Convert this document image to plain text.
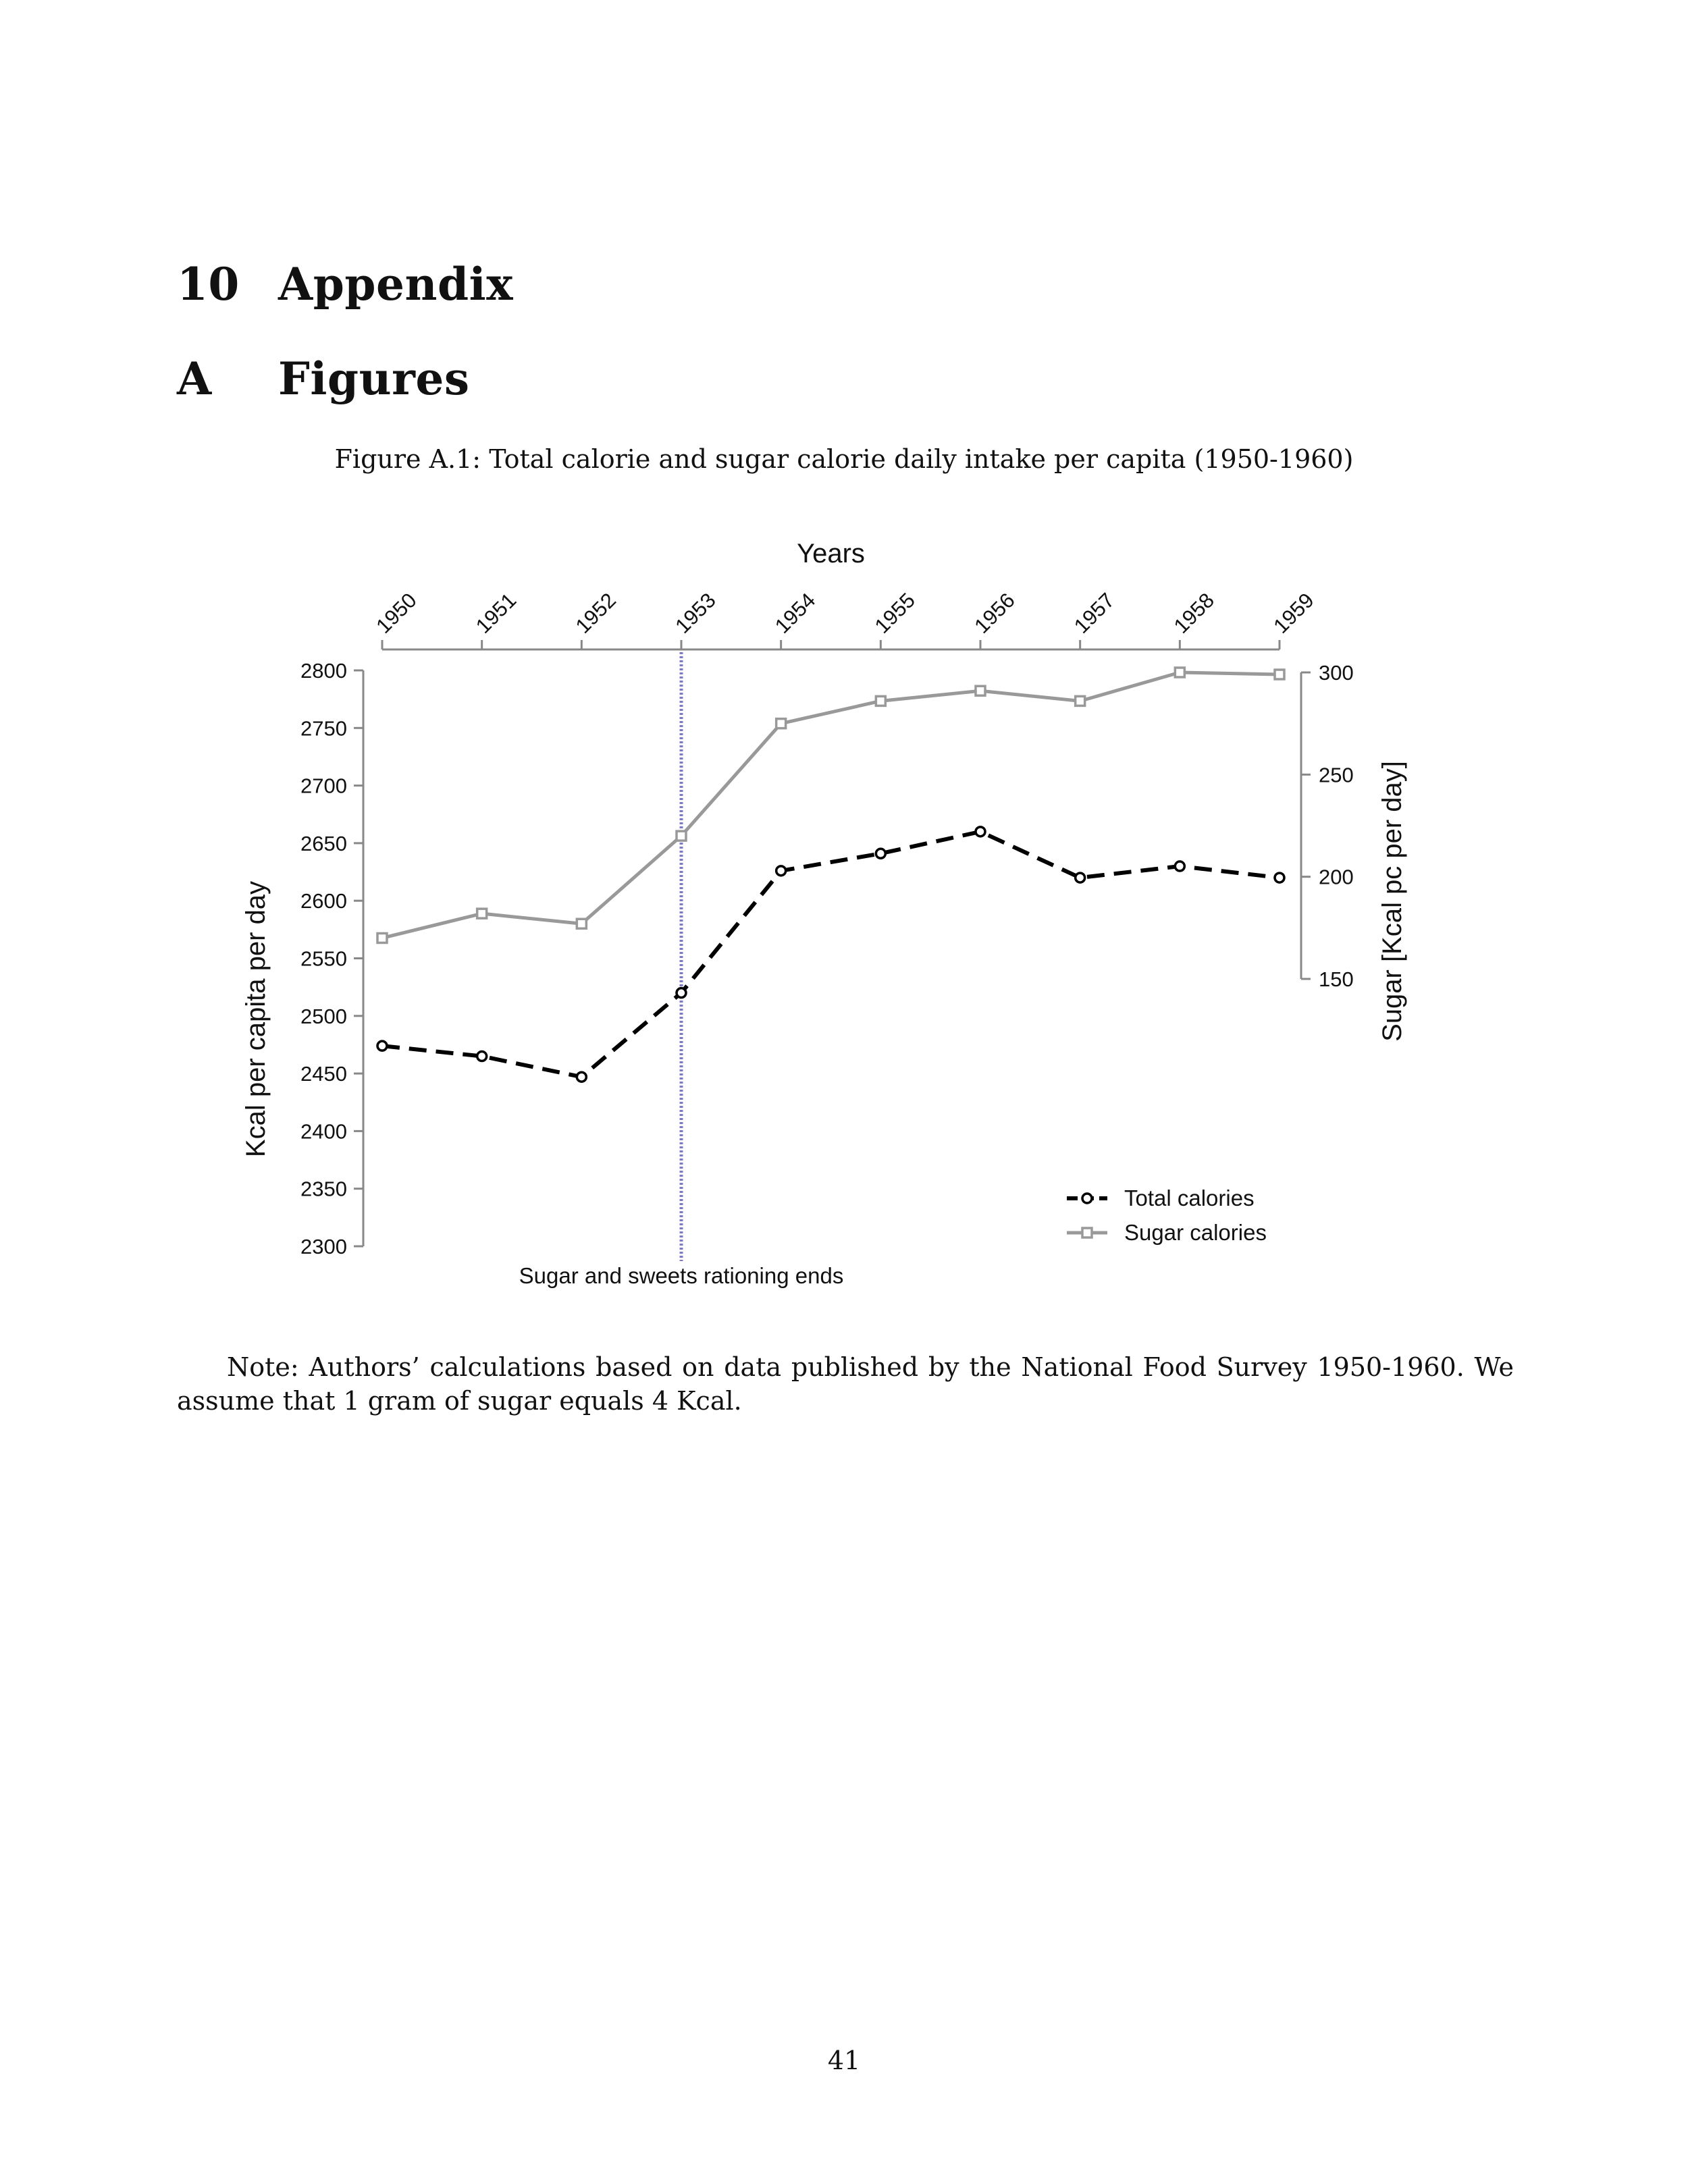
10 Appendix
A Figures
Figure A.1: Total calorie and sugar calorie daily intake per capita (1950-1960)
Years
1950 1951 1952 1953 1954 1955 1956 1957 1958 1959
2300
2350
2400
2450
2500
2550
2600
2650
2700
2750
2800
Kcal per capita per day	150
200
250
300
Sugar [Kcal pc per day]
Sugar and sweets rationing ends
Total calories
Sugar calories
Note: Authors’ calculations based on data published by the National Food Survey 1950-1960. We assume that 1 gram of sugar equals 4 Kcal.
41
